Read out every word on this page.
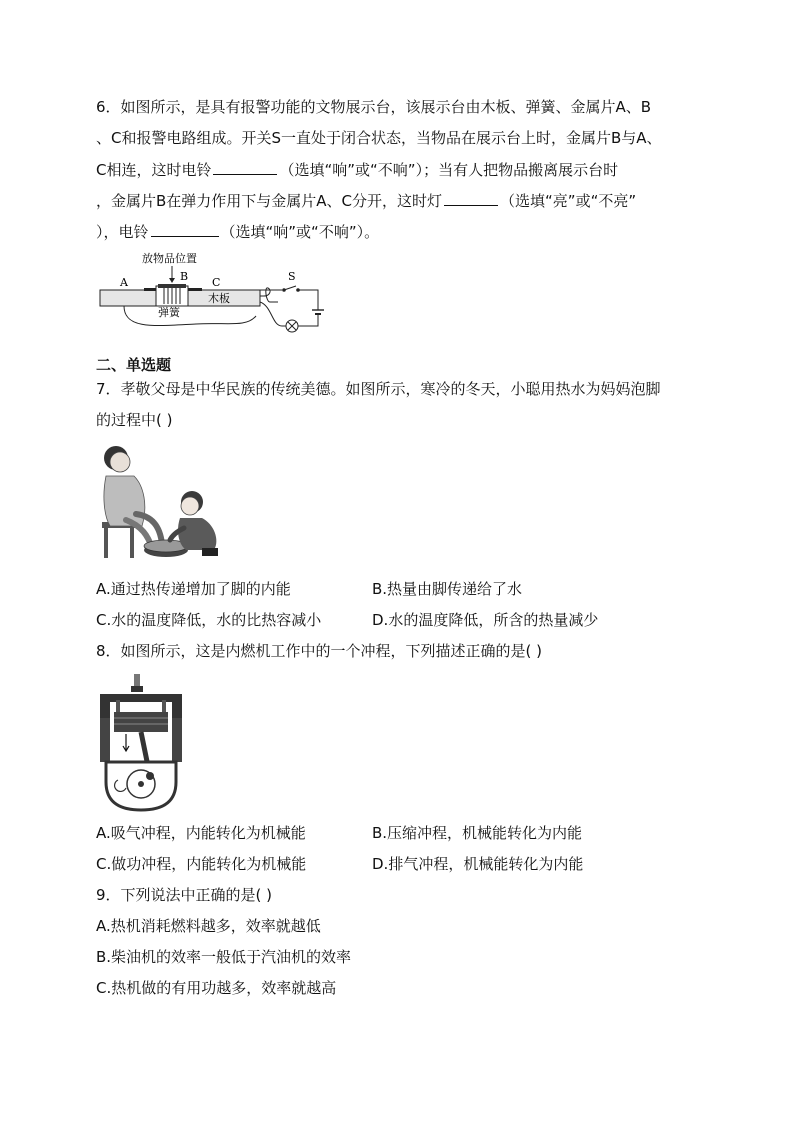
6．如图所示，是具有报警功能的文物展示台，该展示台由木板、弹簧、金属片A、B
、C和报警电路组成。开关S一直处于闭合状态，当物品在展示台上时，金属片B与A、
C相连，这时电铃	（选填“响”或“不响”）；当有人把物品搬离展示台时
，金属片B在弹力作用下与金属片A、C分开，这时灯	（选填“亮”或“不亮”
），电铃	（选填“响”或“不响”）。
放物品位置
A	B C	S
木板
弹簧
二、单选题
7．孝敬父母是中华民族的传统美德。如图所示，寒冷的冬天，小聪用热水为妈妈泡脚
的过程中( )
A.通过热传递增加了脚的内能	B.热量由脚传递给了水
C.水的温度降低，水的比热容减小	D.水的温度降低，所含的热量减少
8．如图所示，这是内燃机工作中的一个冲程，下列描述正确的是( )
A.吸气冲程，内能转化为机械能	B.压缩冲程，机械能转化为内能
C.做功冲程，内能转化为机械能	D.排气冲程，机械能转化为内能
9．下列说法中正确的是( )
A.热机消耗燃料越多，效率就越低
B.柴油机的效率一般低于汽油机的效率
C.热机做的有用功越多，效率就越高
